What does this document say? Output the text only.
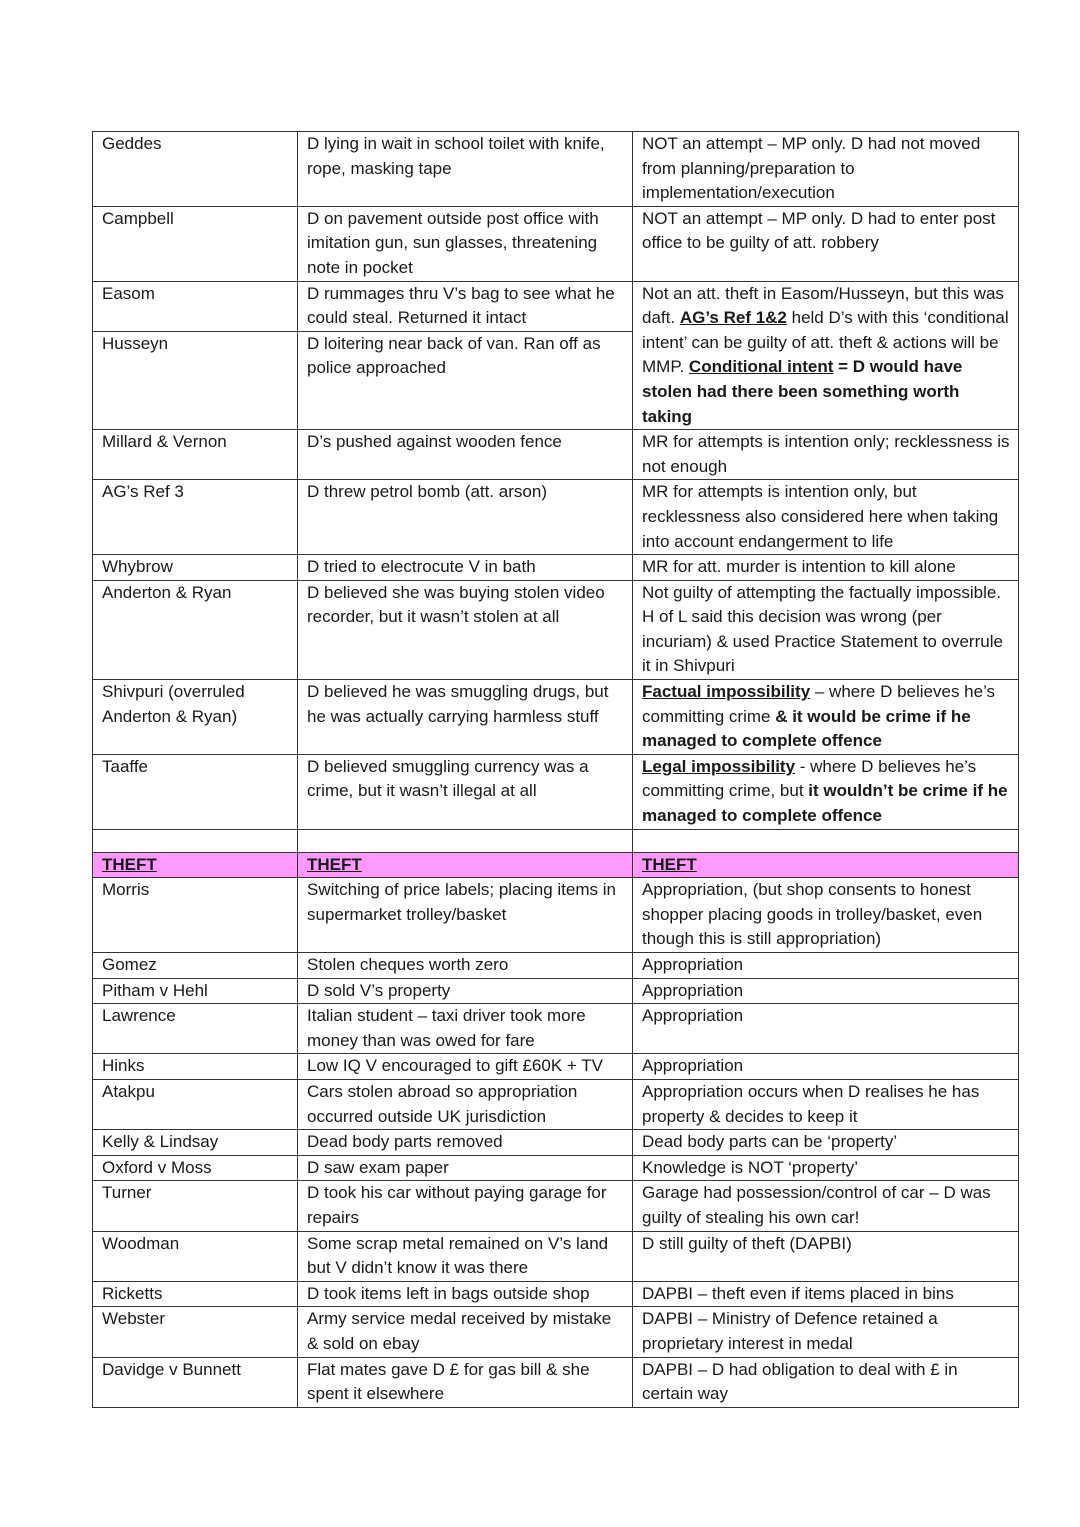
Geddes	D lying in wait in school toilet with knife, rope, masking tape	NOT an attempt – MP only. D had not moved from planning/preparation to implementation/execution
Campbell	D on pavement outside post office with imitation gun, sun glasses, threatening note in pocket	NOT an attempt – MP only. D had to enter post office to be guilty of att. robbery
Easom	D rummages thru V’s bag to see what he could steal. Returned it intact	Not an att. theft in Easom/Husseyn, but this was daft. AG’s Ref 1&2 held D’s with this ‘conditional intent’ can be guilty of att. theft & actions will be MMP. Conditional intent = D would have stolen had there been something worth taking
Husseyn	D loitering near back of van. Ran off as police approached	
Millard & Vernon	D’s pushed against wooden fence	MR for attempts is intention only; recklessness is not enough
AG’s Ref 3	D threw petrol bomb (att. arson)	MR for attempts is intention only, but recklessness also considered here when taking into account endangerment to life
Whybrow	D tried to electrocute V in bath	MR for att. murder is intention to kill alone
Anderton & Ryan	D believed she was buying stolen video recorder, but it wasn’t stolen at all	Not guilty of attempting the factually impossible. H of L said this decision was wrong (per incuriam) & used Practice Statement to overrule it in Shivpuri
Shivpuri (overruled Anderton & Ryan)	D believed he was smuggling drugs, but he was actually carrying harmless stuff	Factual impossibility – where D believes he’s committing crime & it would be crime if he managed to complete offence
Taaffe	D believed smuggling currency was a crime, but it wasn’t illegal at all	Legal impossibility - where D believes he’s committing crime, but it wouldn’t be crime if he managed to complete offence

THEFT	THEFT	THEFT
Morris	Switching of price labels; placing items in supermarket trolley/basket	Appropriation, (but shop consents to honest shopper placing goods in trolley/basket, even though this is still appropriation)
Gomez	Stolen cheques worth zero	Appropriation
Pitham v Hehl	D sold V’s property	Appropriation
Lawrence	Italian student – taxi driver took more money than was owed for fare	Appropriation
Hinks	Low IQ V encouraged to gift £60K + TV	Appropriation
Atakpu	Cars stolen abroad so appropriation occurred outside UK jurisdiction	Appropriation occurs when D realises he has property & decides to keep it
Kelly & Lindsay	Dead body parts removed	Dead body parts can be ‘property’
Oxford v Moss	D saw exam paper	Knowledge is NOT ‘property’
Turner	D took his car without paying garage for repairs	Garage had possession/control of car – D was guilty of stealing his own car!
Woodman	Some scrap metal remained on V’s land but V didn’t know it was there	D still guilty of theft (DAPBI)
Ricketts	D took items left in bags outside shop	DAPBI – theft even if items placed in bins
Webster	Army service medal received by mistake & sold on ebay	DAPBI – Ministry of Defence retained a proprietary interest in medal
Davidge v Bunnett	Flat mates gave D £ for gas bill & she spent it elsewhere	DAPBI – D had obligation to deal with £ in certain way
